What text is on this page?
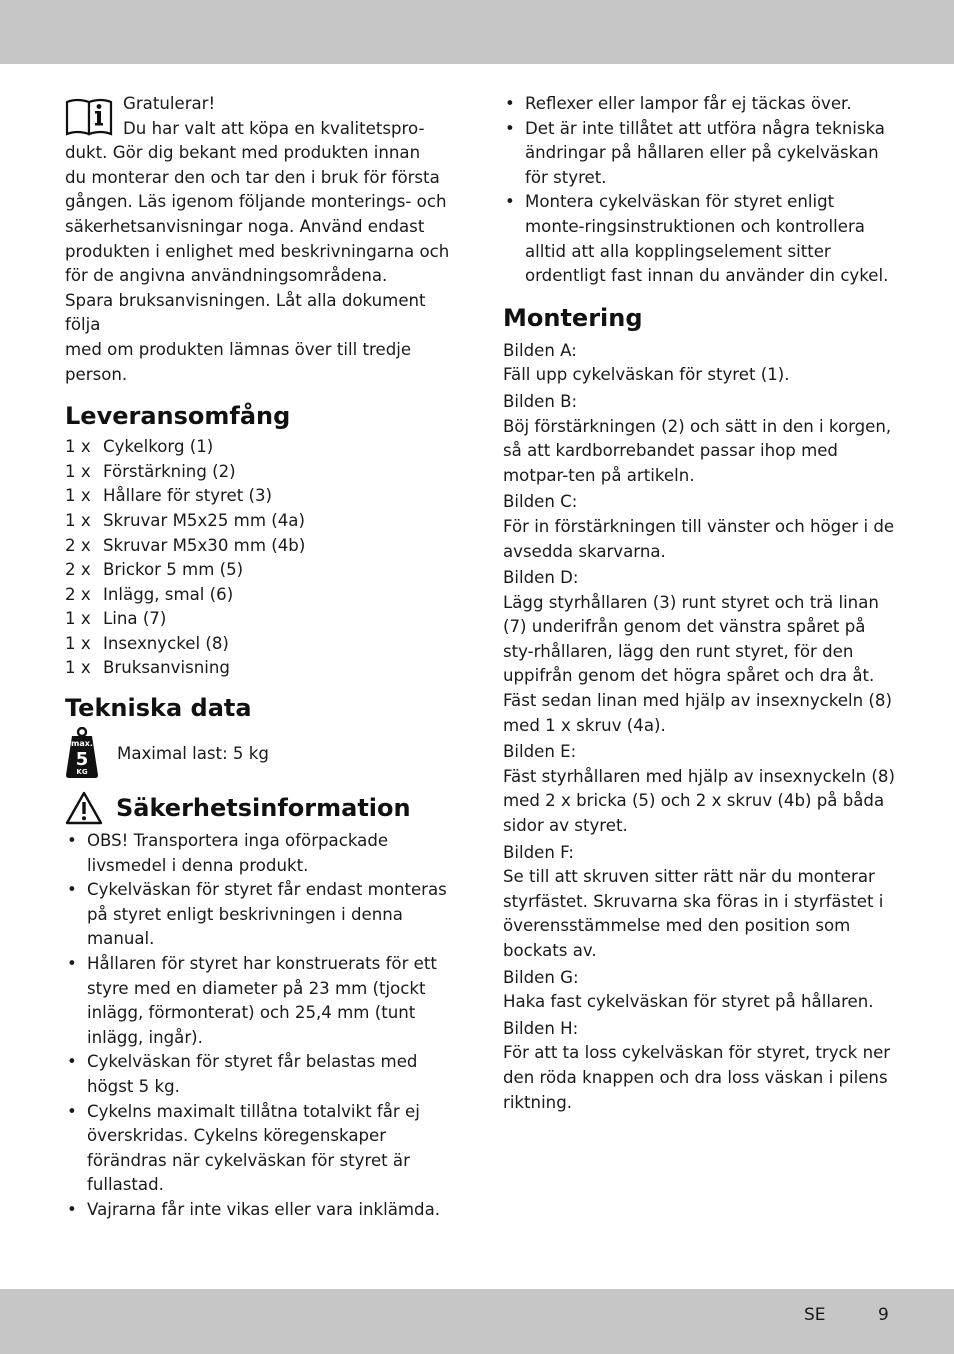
Gratulerar!

Du har valt att köpa en kvalitetspro-

dukt. Gör dig bekant med produkten innan

du monterar den och tar den i bruk för första

gången. Läs igenom följande monterings- och

säkerhetsanvisningar noga. Använd endast

produkten i enlighet med beskrivningarna och

för de angivna användningsområdena.

Spara bruksanvisningen. Låt alla dokument följa

med om produkten lämnas över till tredje person.

Leveransomfång
1 x Cykelkorg (1)
1 x Förstärkning (2)
1 x Hållare för styret (3)
1 x Skruvar M5x25 mm (4a)
2 x Skruvar M5x30 mm (4b)
2 x Brickor 5 mm (5)
2 x Inlägg, smal (6)
1 x Lina (7)
1 x Insexnyckel (8)
1 x Bruksanvisning
Tekniska data
max.
5
KG
Maximal last: 5 kg
Säkerhetsinformation
• OBS! Transportera inga oförpackade livsmedel i denna produkt.
• Cykelväskan för styret får endast monteras på styret enligt beskrivningen i denna manual.
• Hållaren för styret har konstruerats för ett styre med en diameter på 23 mm (tjockt inlägg, förmonterat) och 25,4 mm (tunt inlägg, ingår).
• Cykelväskan för styret får belastas med högst 5 kg.
• Cykelns maximalt tillåtna totalvikt får ej överskridas. Cykelns köregenskaper förändras när cykelväskan för styret är fullastad.
• Vajrarna får inte vikas eller vara inklämda.
• Reflexer eller lampor får ej täckas över.
• Det är inte tillåtet att utföra några tekniska ändringar på hållaren eller på cykelväskan för styret.
• Montera cykelväskan för styret enligt monte-ringsinstruktionen och kontrollera alltid att alla kopplingselement sitter ordentligt fast innan du använder din cykel.
Montering

Bilden A:

Fäll upp cykelväskan för styret (1).

Bilden B:

Böj förstärkningen (2) och sätt in den i korgen, så att kardborrebandet passar ihop med motpar-ten på artikeln.

Bilden C:

För in förstärkningen till vänster och höger i de avsedda skarvarna.

Bilden D:

Lägg styrhållaren (3) runt styret och trä linan (7) underifrån genom det vänstra spåret på sty-rhållaren, lägg den runt styret, för den uppifrån genom det högra spåret och dra åt. Fäst sedan linan med hjälp av insexnyckeln (8) med 1 x skruv (4a).

Bilden E:

Fäst styrhållaren med hjälp av insexnyckeln (8) med 2 x bricka (5) och 2 x skruv (4b) på båda sidor av styret.

Bilden F:

Se till att skruven sitter rätt när du monterar styrfästet. Skruvarna ska föras in i styrfästet i överensstämmelse med den position som bockats av.

Bilden G:

Haka fast cykelväskan för styret på hållaren.

Bilden H:

För att ta loss cykelväskan för styret, tryck ner den röda knappen och dra loss väskan i pilens riktning.

SE	9
